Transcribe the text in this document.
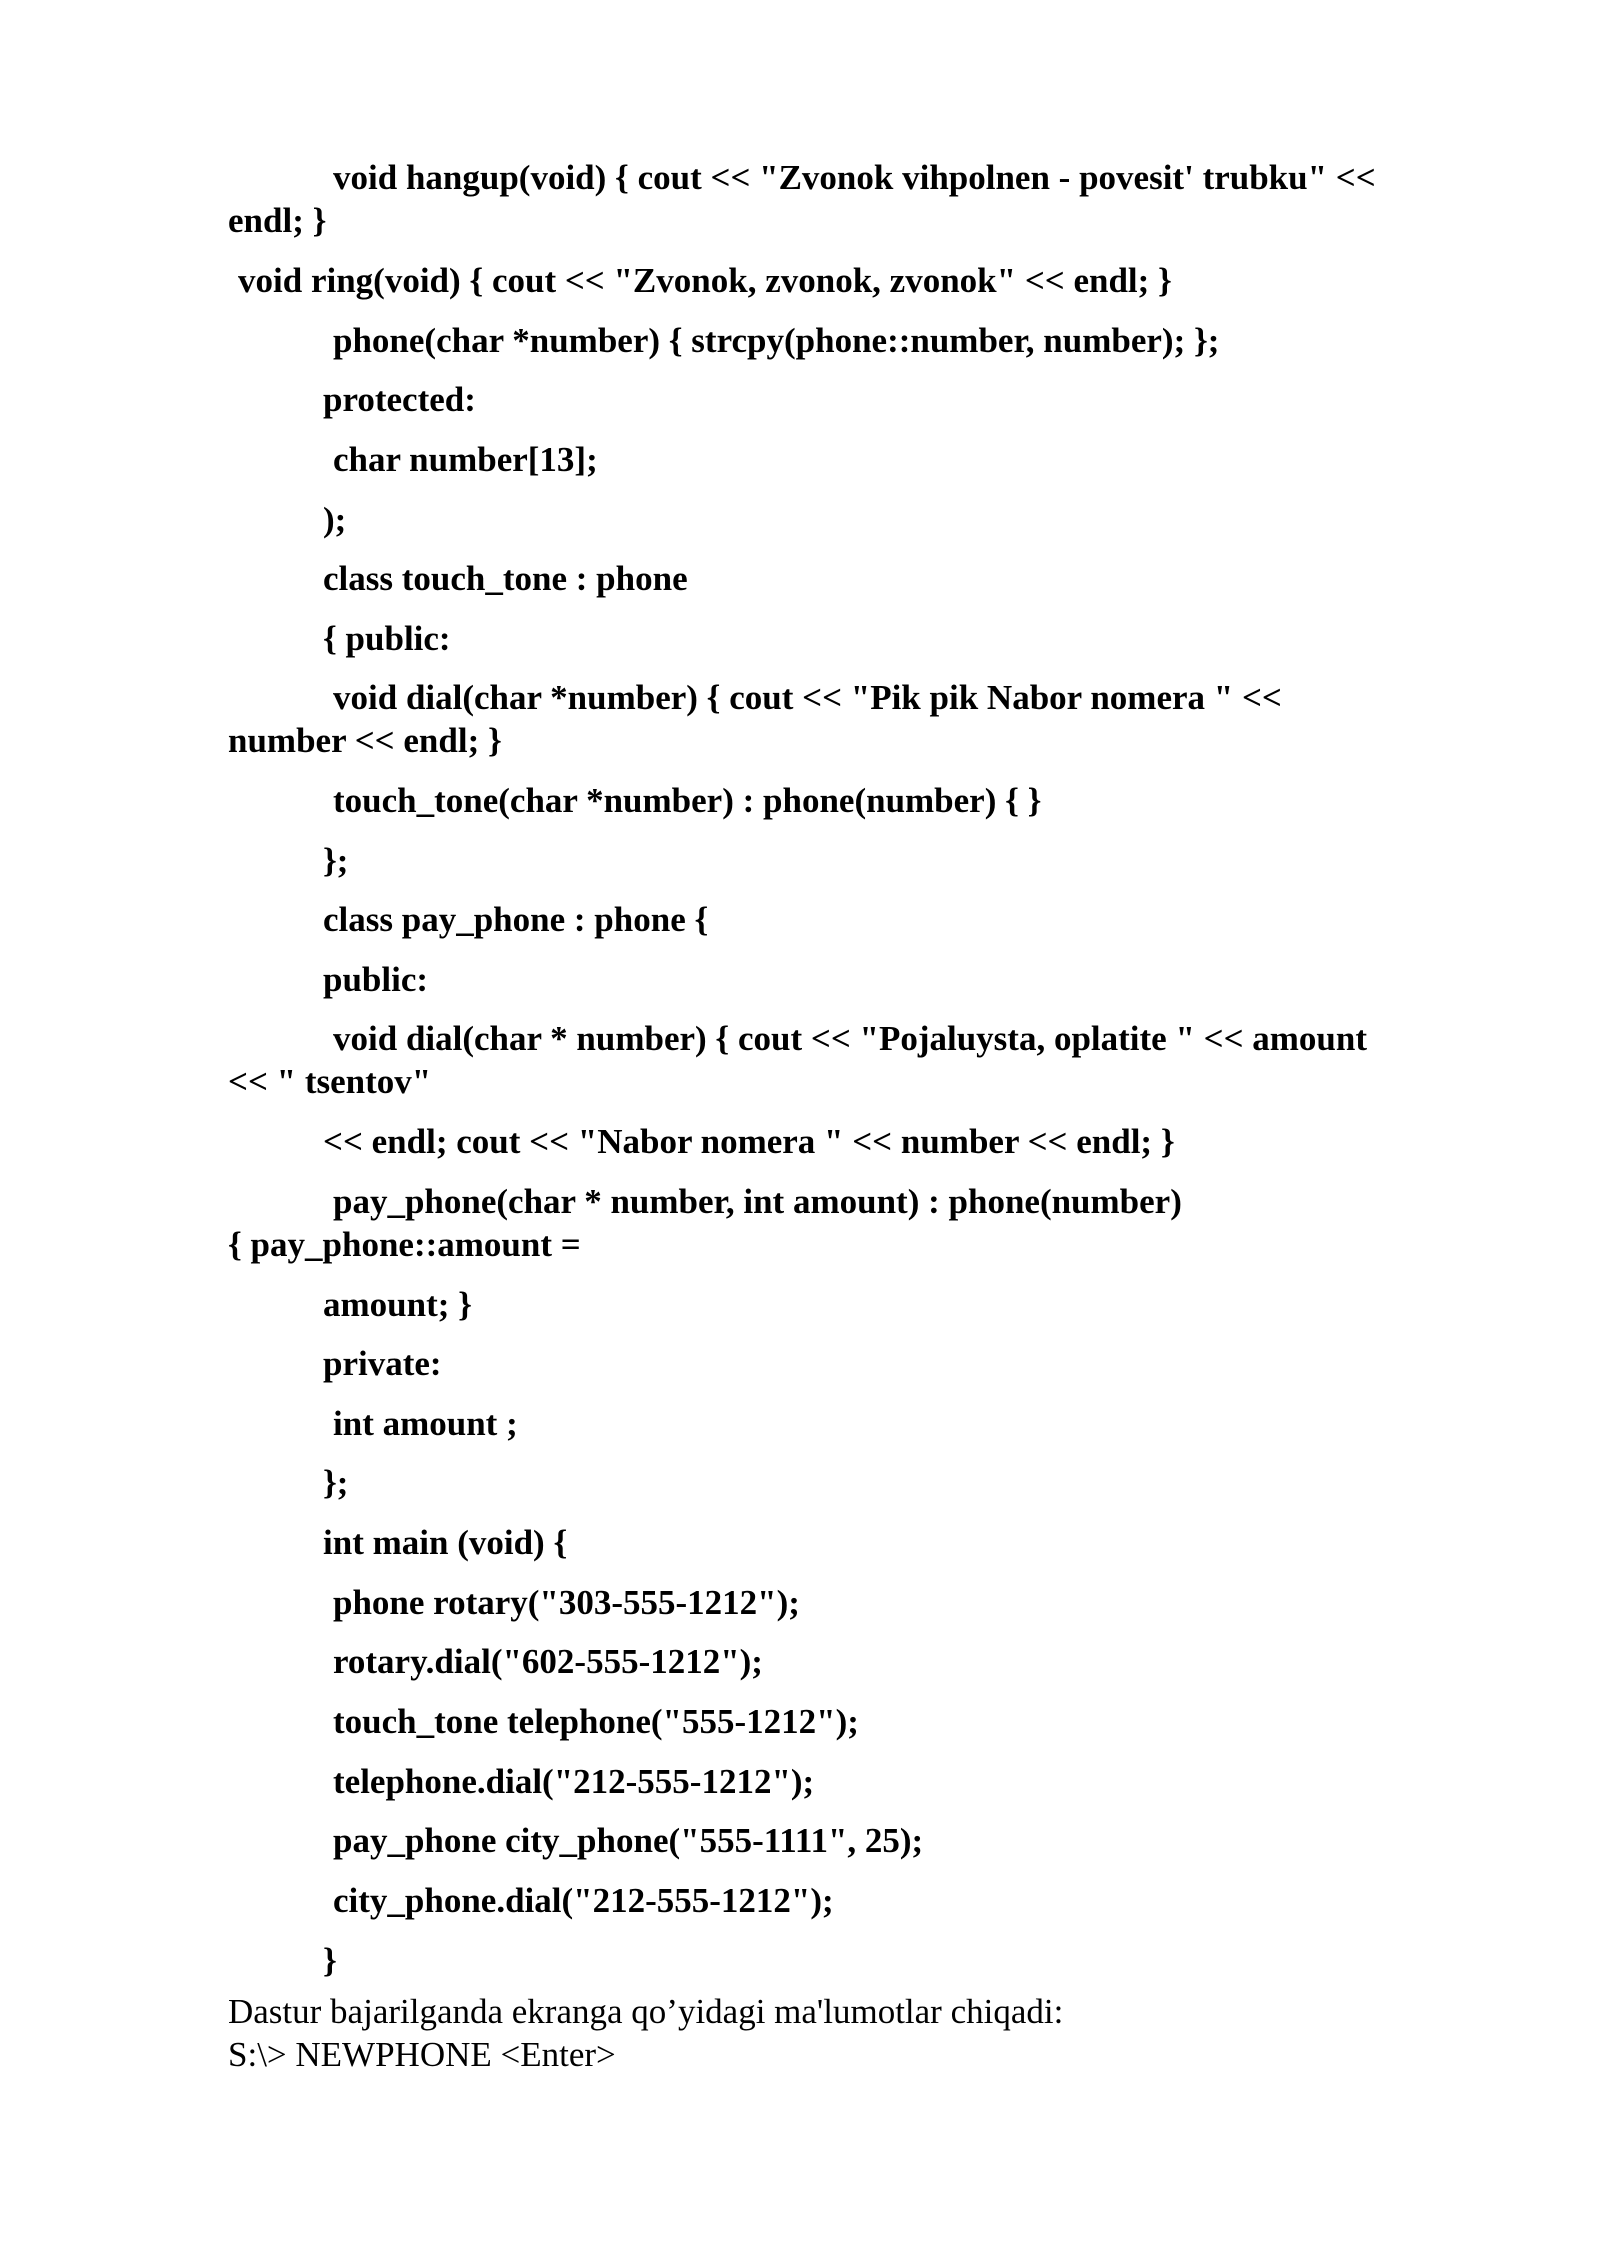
void hangup(void) { cout << "Zvonok vihpolnen - povesit' trubku" <<
endl; }
void ring(void) { cout << "Zvonok, zvonok, zvonok" << endl; }
phone(char *number) { strcpy(phone::number, number); };
protected:
char number[13];
);
class touch_tone : phone
{ public:
void dial(char *number) { cout << "Pik pik Nabor nomera " <<
number << endl; }
touch_tone(char *number) : phone(number) { }
};
class pay_phone : phone {
public:
void dial(char * number) { cout << "Pojaluysta, oplatite " << amount
<< " tsentov"
<< endl; cout << "Nabor nomera " << number << endl; }
pay_phone(char * number, int amount) : phone(number)
{ pay_phone::amount =
amount; }
private:
int amount ;
};
int main (void) {
phone rotary("303-555-1212");
rotary.dial("602-555-1212");
touch_tone telephone("555-1212");
telephone.dial("212-555-1212");
pay_phone city_phone("555-1111", 25);
city_phone.dial("212-555-1212");
}
Dastur bajarilganda ekranga qo’yidagi ma'lumotlar chiqadi:
S:\> NEWPHONE <Enter>
